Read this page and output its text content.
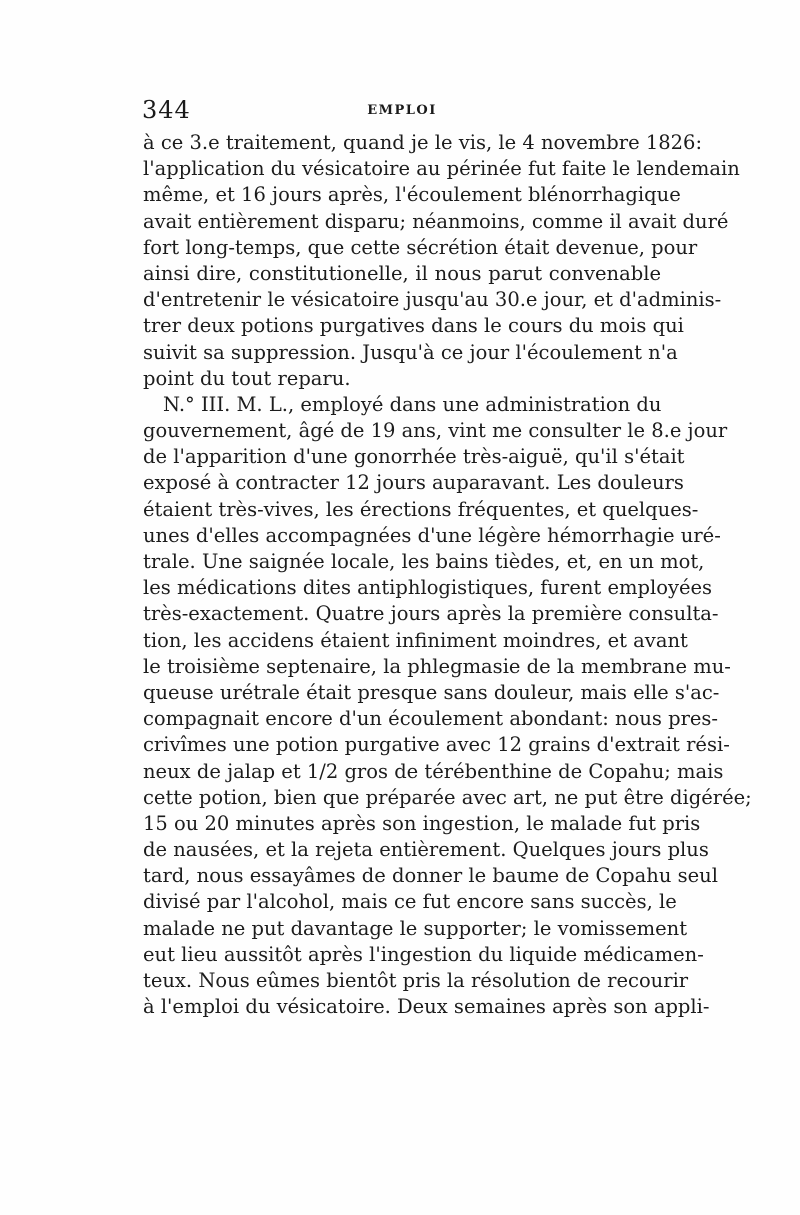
344	EMPLOI
à ce 3.e traitement, quand je le vis, le 4 novembre 1826:
l'application du vésicatoire au périnée fut faite le lendemain
même, et 16 jours après, l'écoulement blénorrhagique
avait entièrement disparu; néanmoins, comme il avait duré
fort long-temps, que cette sécrétion était devenue, pour
ainsi dire, constitutionelle, il nous parut convenable
d'entretenir le vésicatoire jusqu'au 30.e jour, et d'adminis-
trer deux potions purgatives dans le cours du mois qui
suivit sa suppression. Jusqu'à ce jour l'écoulement n'a
point du tout reparu.
N.° III. M. L., employé dans une administration du
gouvernement, âgé de 19 ans, vint me consulter le 8.e jour
de l'apparition d'une gonorrhée très-aiguë, qu'il s'était
exposé à contracter 12 jours auparavant. Les douleurs
étaient très-vives, les érections fréquentes, et quelques-
unes d'elles accompagnées d'une légère hémorrhagie uré-
trale. Une saignée locale, les bains tièdes, et, en un mot,
les médications dites antiphlogistiques, furent employées
très-exactement. Quatre jours après la première consulta-
tion, les accidens étaient infiniment moindres, et avant
le troisième septenaire, la phlegmasie de la membrane mu-
queuse urétrale était presque sans douleur, mais elle s'ac-
compagnait encore d'un écoulement abondant: nous pres-
crivîmes une potion purgative avec 12 grains d'extrait rési-
neux de jalap et 1/2 gros de térébenthine de Copahu; mais
cette potion, bien que préparée avec art, ne put être digérée;
15 ou 20 minutes après son ingestion, le malade fut pris
de nausées, et la rejeta entièrement. Quelques jours plus
tard, nous essayâmes de donner le baume de Copahu seul
divisé par l'alcohol, mais ce fut encore sans succès, le
malade ne put davantage le supporter; le vomissement
eut lieu aussitôt après l'ingestion du liquide médicamen-
teux. Nous eûmes bientôt pris la résolution de recourir
à l'emploi du vésicatoire. Deux semaines après son appli-
